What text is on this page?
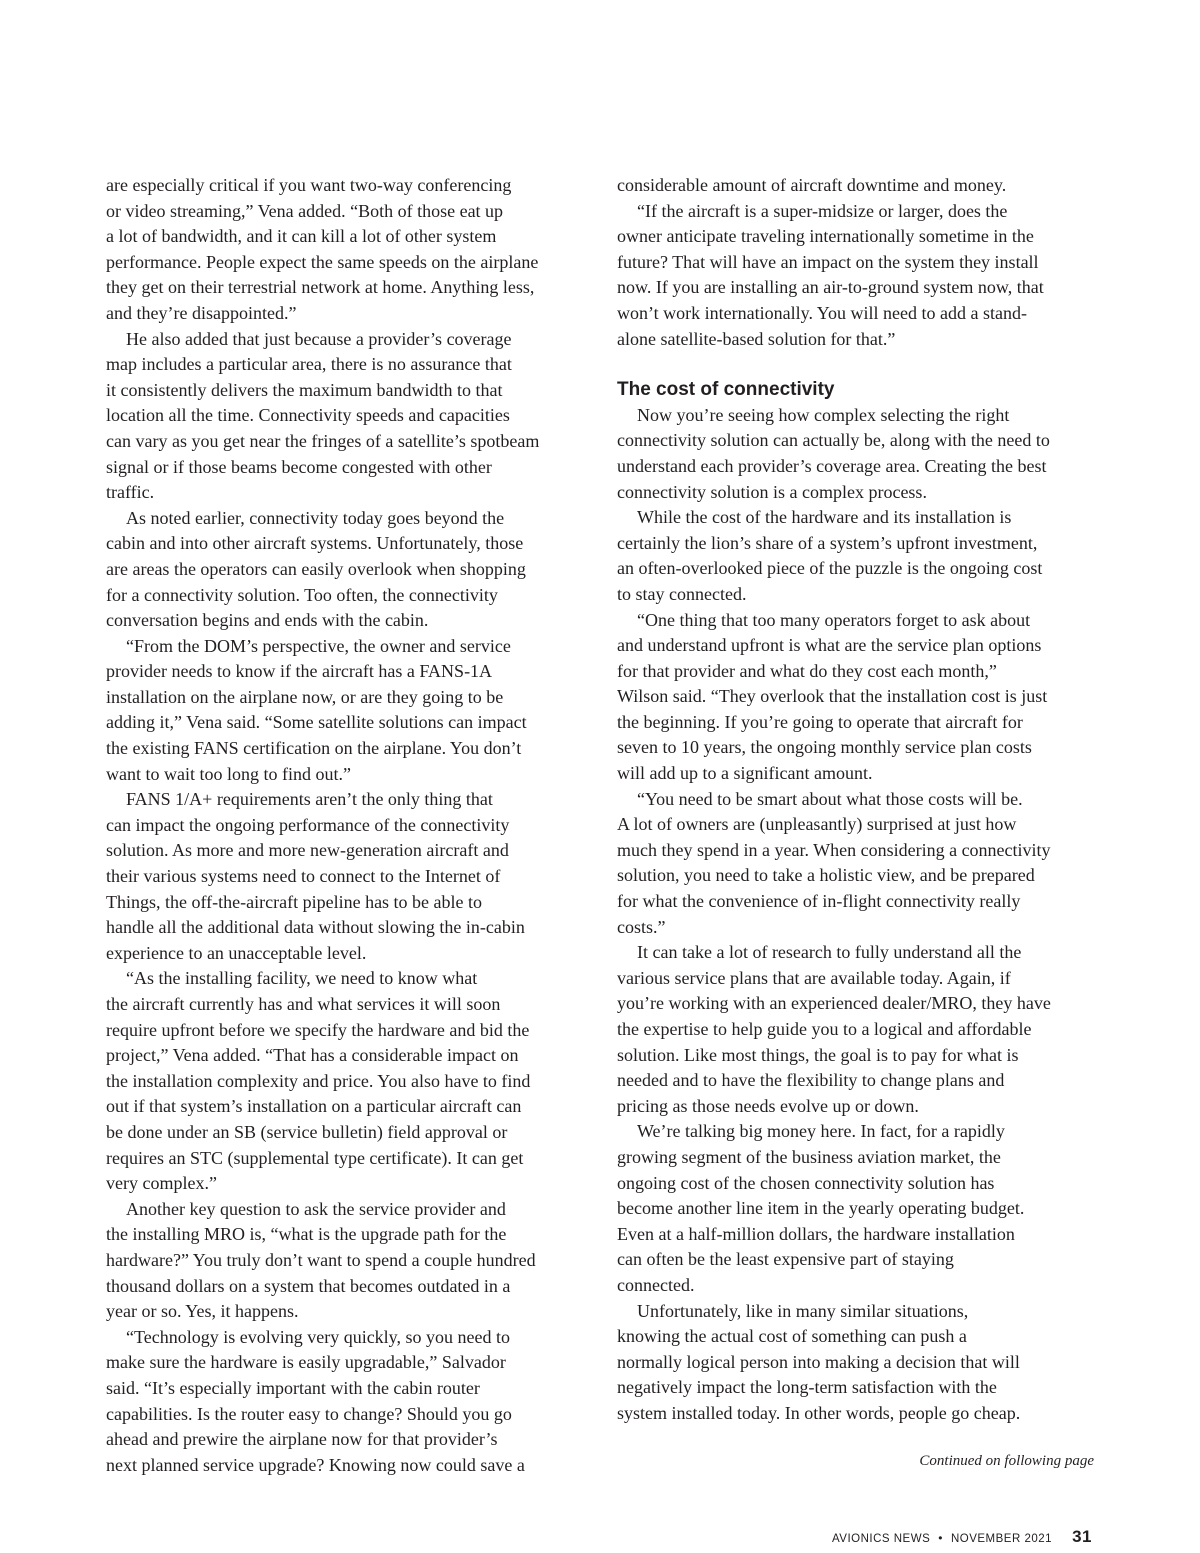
are especially critical if you want two-way conferencing

or video streaming,” Vena added. “Both of those eat up

a lot of bandwidth, and it can kill a lot of other system

performance. People expect the same speeds on the airplane

they get on their terrestrial network at home. Anything less,

and they’re disappointed.”

He also added that just because a provider’s coverage

map includes a particular area, there is no assurance that

it consistently delivers the maximum bandwidth to that

location all the time. Connectivity speeds and capacities

can vary as you get near the fringes of a satellite’s spotbeam

signal or if those beams become congested with other

traffic.

As noted earlier, connectivity today goes beyond the

cabin and into other aircraft systems. Unfortunately, those

are areas the operators can easily overlook when shopping

for a connectivity solution. Too often, the connectivity

conversation begins and ends with the cabin.

“From the DOM’s perspective, the owner and service

provider needs to know if the aircraft has a FANS-1A

installation on the airplane now, or are they going to be

adding it,” Vena said. “Some satellite solutions can impact

the existing FANS certification on the airplane. You don’t

want to wait too long to find out.”

FANS 1/A+ requirements aren’t the only thing that

can impact the ongoing performance of the connectivity

solution. As more and more new-generation aircraft and

their various systems need to connect to the Internet of

Things, the off-the-aircraft pipeline has to be able to

handle all the additional data without slowing the in-cabin

experience to an unacceptable level.

“As the installing facility, we need to know what

the aircraft currently has and what services it will soon

require upfront before we specify the hardware and bid the

project,” Vena added. “That has a considerable impact on

the installation complexity and price. You also have to find

out if that system’s installation on a particular aircraft can

be done under an SB (service bulletin) field approval or

requires an STC (supplemental type certificate). It can get

very complex.”

Another key question to ask the service provider and

the installing MRO is, “what is the upgrade path for the

hardware?” You truly don’t want to spend a couple hundred

thousand dollars on a system that becomes outdated in a

year or so. Yes, it happens.

“Technology is evolving very quickly, so you need to

make sure the hardware is easily upgradable,” Salvador

said. “It’s especially important with the cabin router

capabilities. Is the router easy to change? Should you go

ahead and prewire the airplane now for that provider’s

next planned service upgrade? Knowing now could save a

considerable amount of aircraft downtime and money.

“If the aircraft is a super-midsize or larger, does the

owner anticipate traveling internationally sometime in the

future? That will have an impact on the system they install

now. If you are installing an air-to-ground system now, that

won’t work internationally. You will need to add a stand-

alone satellite-based solution for that.”

The cost of connectivity

Now you’re seeing how complex selecting the right

connectivity solution can actually be, along with the need to

understand each provider’s coverage area. Creating the best

connectivity solution is a complex process.

While the cost of the hardware and its installation is

certainly the lion’s share of a system’s upfront investment,

an often-overlooked piece of the puzzle is the ongoing cost

to stay connected.

“One thing that too many operators forget to ask about

and understand upfront is what are the service plan options

for that provider and what do they cost each month,”

Wilson said. “They overlook that the installation cost is just

the beginning. If you’re going to operate that aircraft for

seven to 10 years, the ongoing monthly service plan costs

will add up to a significant amount.

“You need to be smart about what those costs will be.

A lot of owners are (unpleasantly) surprised at just how

much they spend in a year. When considering a connectivity

solution, you need to take a holistic view, and be prepared

for what the convenience of in-flight connectivity really

costs.”

It can take a lot of research to fully understand all the

various service plans that are available today. Again, if

you’re working with an experienced dealer/MRO, they have

the expertise to help guide you to a logical and affordable

solution. Like most things, the goal is to pay for what is

needed and to have the flexibility to change plans and

pricing as those needs evolve up or down.

We’re talking big money here. In fact, for a rapidly

growing segment of the business aviation market, the

ongoing cost of the chosen connectivity solution has

become another line item in the yearly operating budget.

Even at a half-million dollars, the hardware installation

can often be the least expensive part of staying

connected.

Unfortunately, like in many similar situations,

knowing the actual cost of something can push a

normally logical person into making a decision that will

negatively impact the long-term satisfaction with the

system installed today. In other words, people go cheap.

Continued on following page
AVIONICS NEWS • NOVEMBER 2021 31
